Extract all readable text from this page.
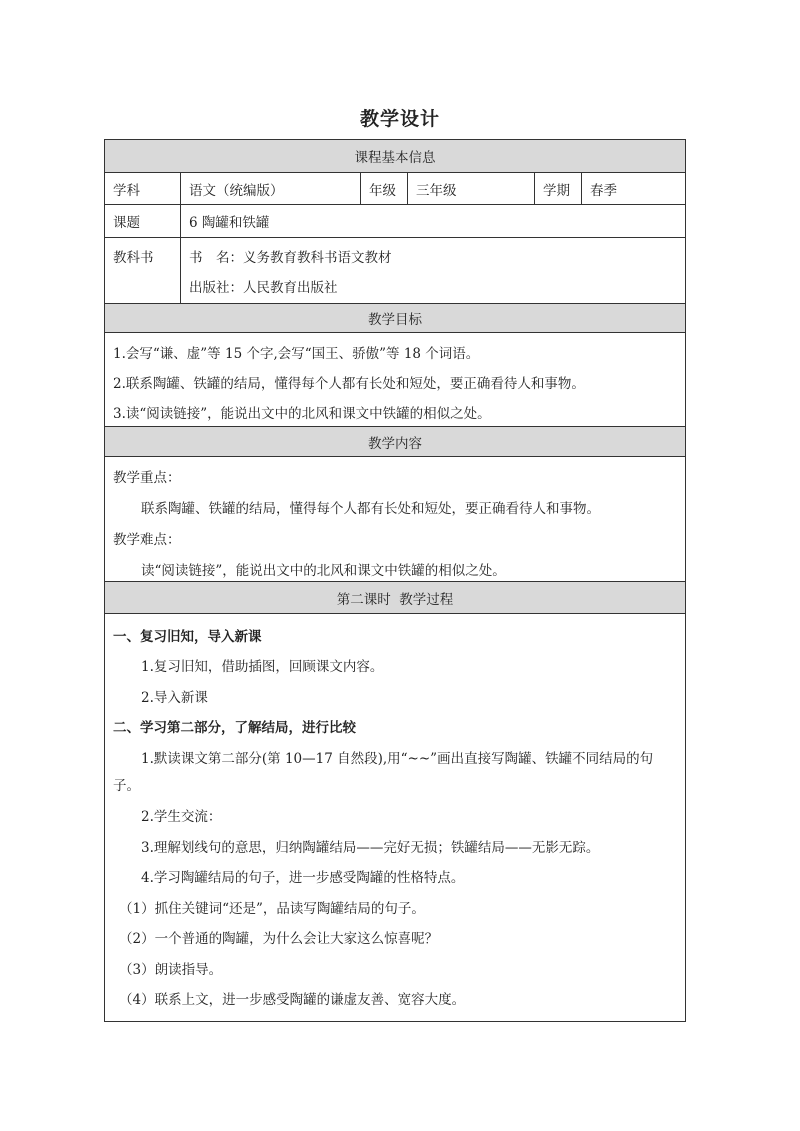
教学设计
课程基本信息
学科	语文（统编版）	年级	三年级	学期	春季
课题	6 陶罐和铁罐
教科书	书　名：义务教育教科书语文教材
出版社：人民教育出版社
教学目标
1.会写“谦、虚”等 15 个字,会写“国王、骄傲”等 18 个词语。
2.联系陶罐、铁罐的结局，懂得每个人都有长处和短处，要正确看待人和事物。
3.读“阅读链接”，能说出文中的北风和课文中铁罐的相似之处。
教学内容
教学重点：
联系陶罐、铁罐的结局，懂得每个人都有长处和短处，要正确看待人和事物。
教学难点：
读“阅读链接”，能说出文中的北风和课文中铁罐的相似之处。
第二课时  教学过程
一、复习旧知，导入新课
1.复习旧知，借助插图，回顾课文内容。
2.导入新课
二、学习第二部分，了解结局，进行比较
1.默读课文第二部分(第 10—17 自然段),用“~~”画出直接写陶罐、铁罐不同结局的句
子。
2.学生交流：
3.理解划线句的意思，归纳陶罐结局——完好无损；铁罐结局——无影无踪。
4.学习陶罐结局的句子，进一步感受陶罐的性格特点。
（1）抓住关键词“还是”，品读写陶罐结局的句子。
（2）一个普通的陶罐，为什么会让大家这么惊喜呢？
（3）朗读指导。
（4）联系上文，进一步感受陶罐的谦虚友善、宽容大度。
